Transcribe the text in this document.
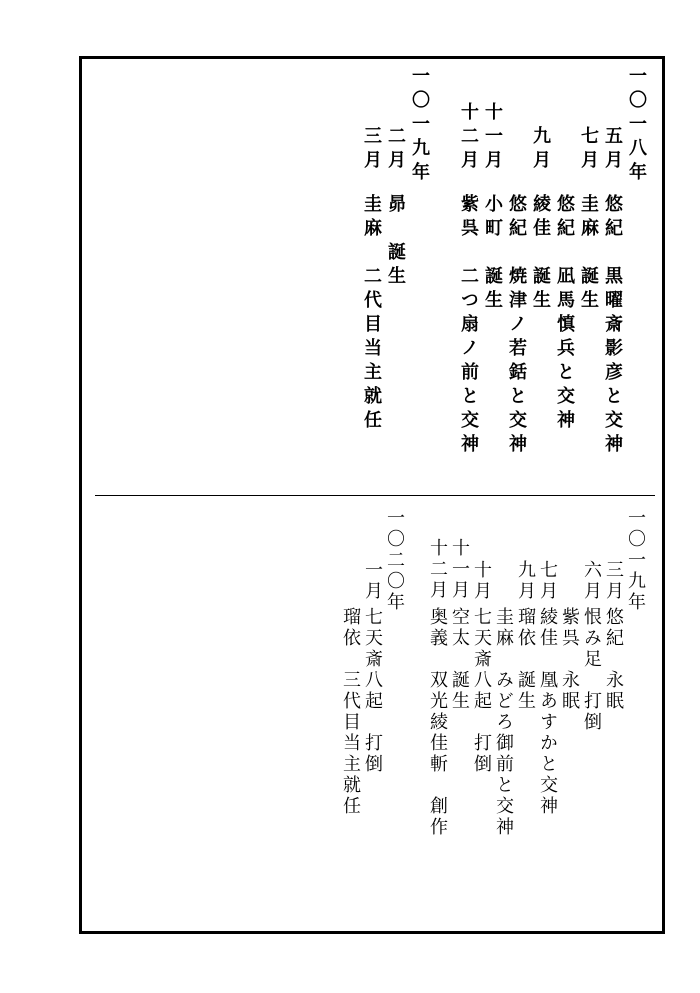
一〇一八年
五月
悠紀　黒曜斎影彦と交神
七月
圭麻　誕生
悠紀　凪馬慎兵と交神
九月
綾佳　誕生
悠紀　焼津ノ若銛と交神
十一月
小町　誕生
十二月
紫呉　二つ扇ノ前と交神
一〇一九年
二月
昴　誕生
三月
圭麻　二代目当主就任
一〇一九年
三月
悠紀　永眠
六月
恨み足　打倒
紫呉　永眠
七月
綾佳　凰あすかと交神
九月
瑠依　誕生
圭麻　みどろ御前と交神
十月
七天斎八起　打倒
十一月
空太　誕生
十二月
奥義　双光綾佳斬　創作
一〇二〇年
一月
七天斎八起　打倒
瑠依　三代目当主就任
